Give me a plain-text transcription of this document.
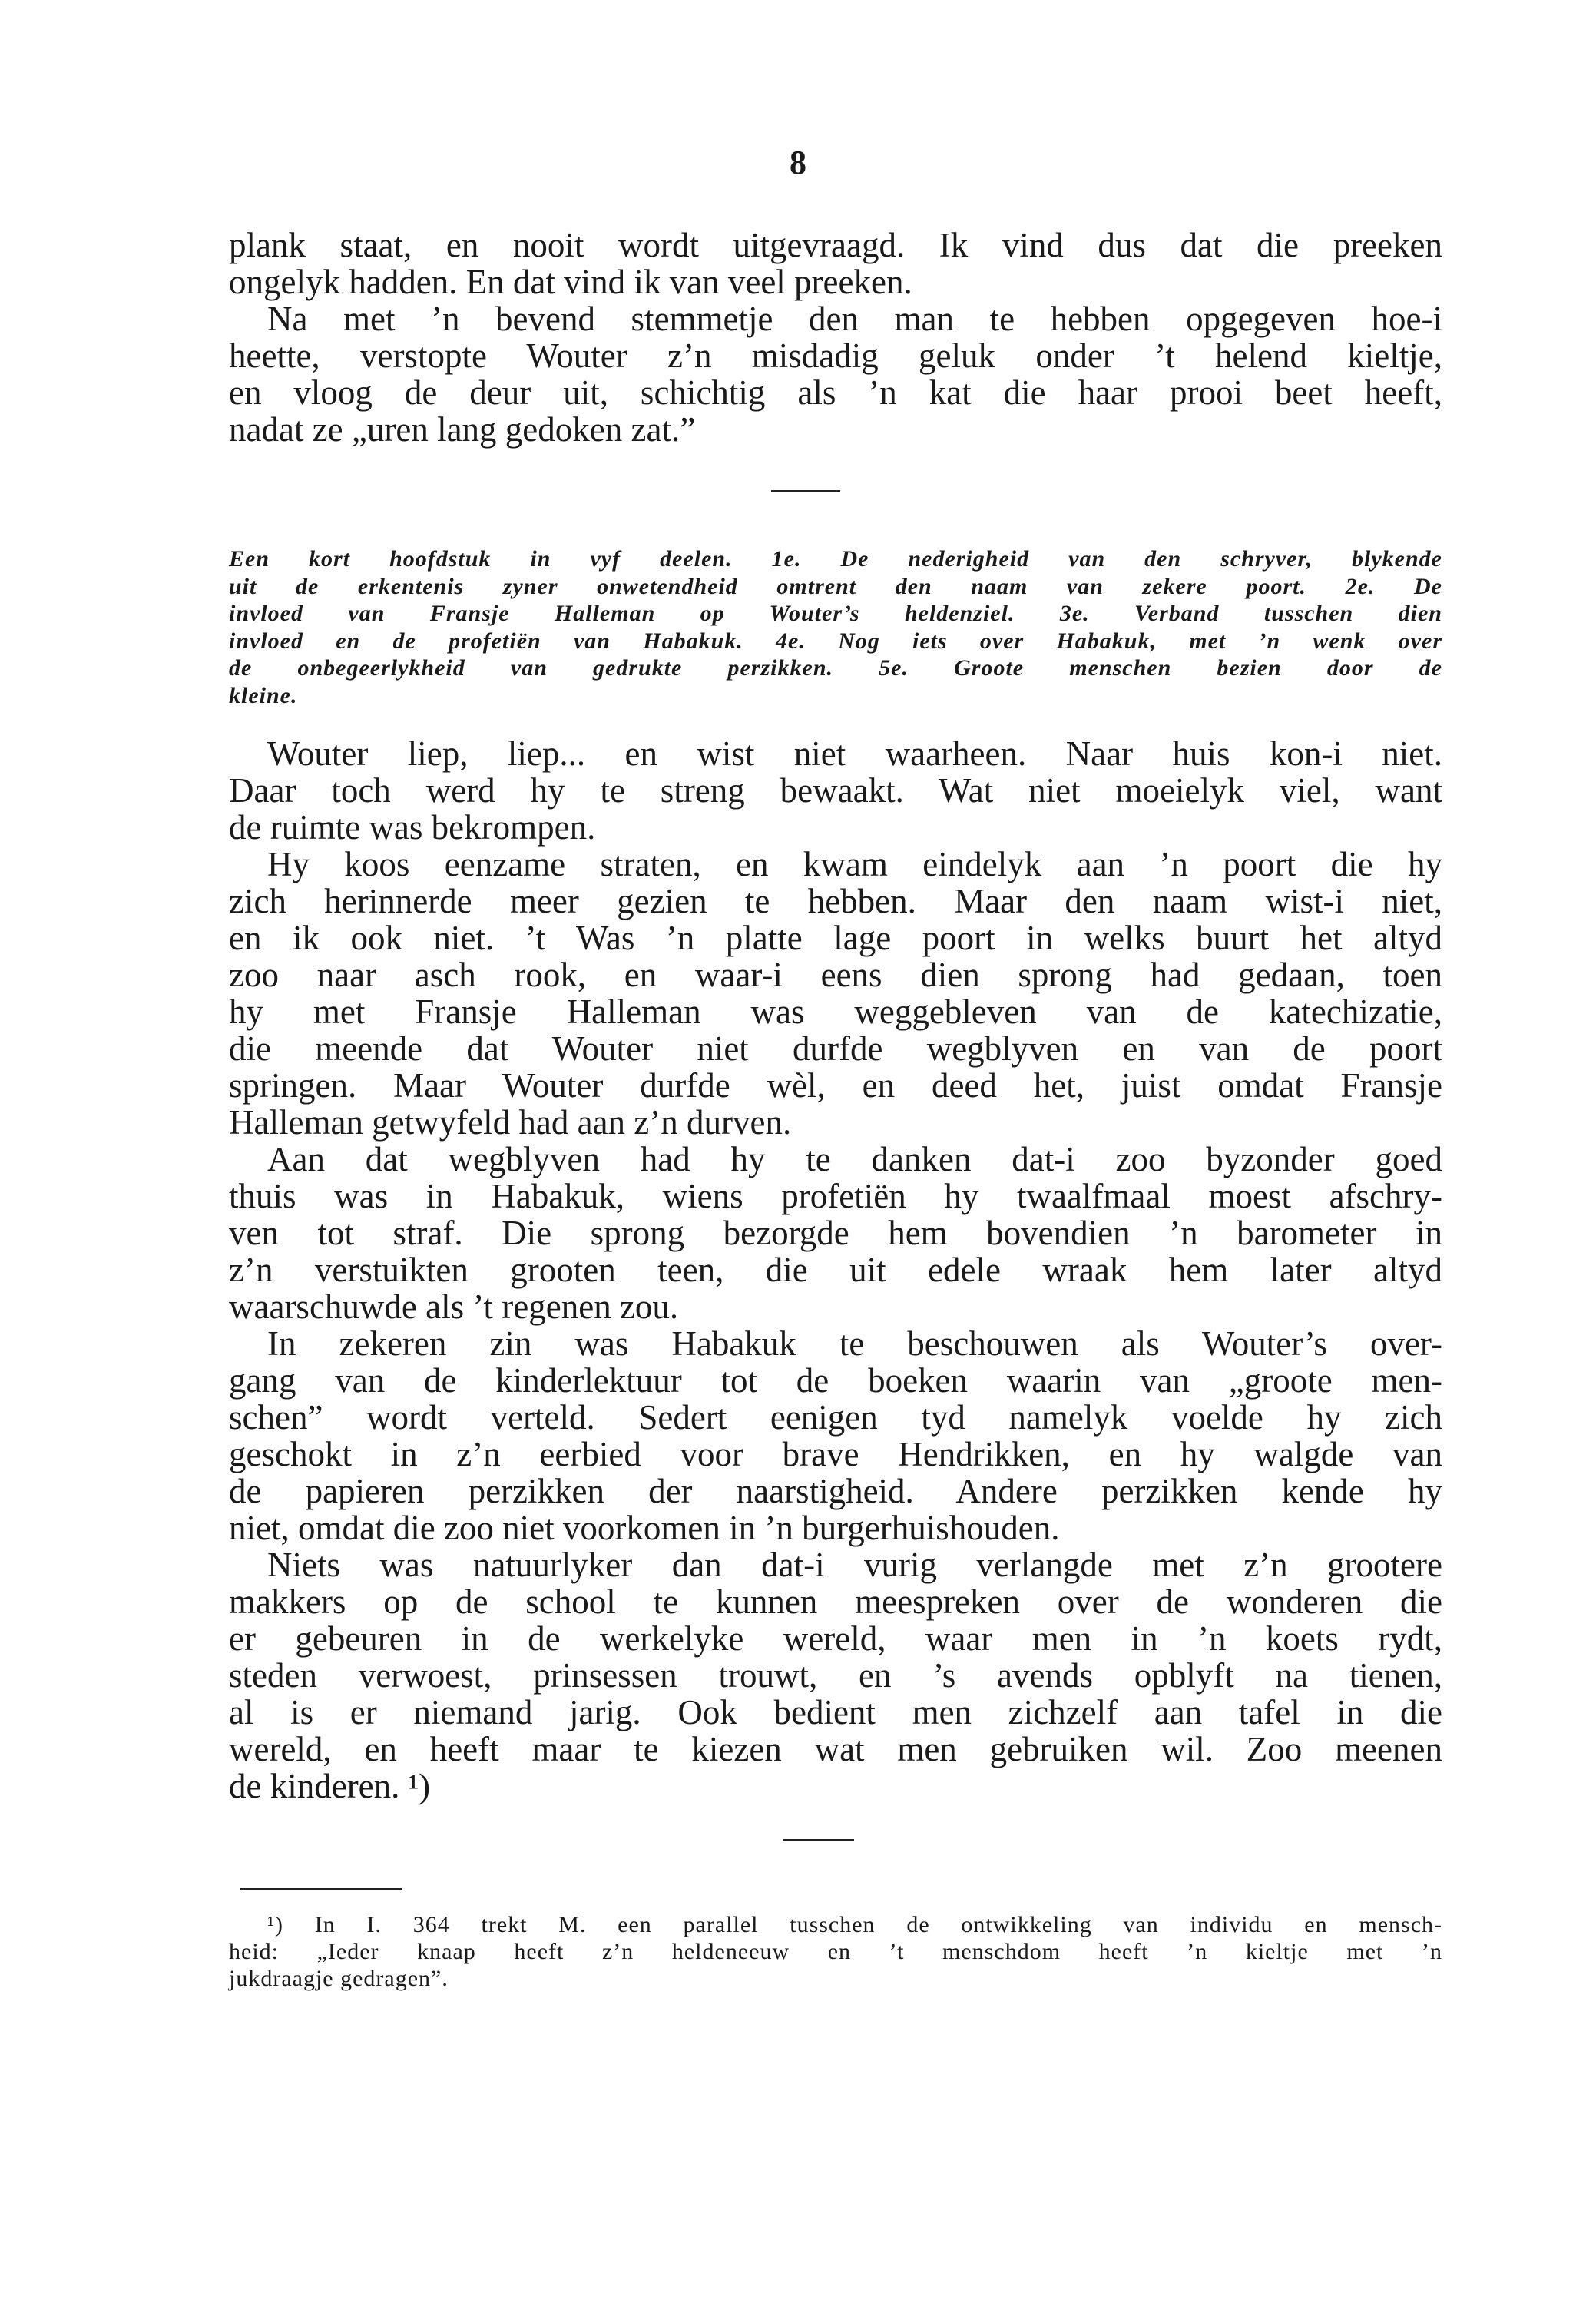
8
plank staat, en nooit wordt uitgevraagd. Ik vind dus dat die preeken
ongelyk hadden. En dat vind ik van veel preeken.
Na met ’n bevend stemmetje den man te hebben opgegeven hoe-i
heette, verstopte Wouter z’n misdadig geluk onder ’t helend kieltje,
en vloog de deur uit, schichtig als ’n kat die haar prooi beet heeft,
nadat ze „uren lang gedoken zat.”
Een kort hoofdstuk in vyf deelen. 1e. De nederigheid van den schryver, blykende
uit de erkentenis zyner onwetendheid omtrent den naam van zekere poort. 2e. De
invloed van Fransje Halleman op Wouter’s heldenziel. 3e. Verband tusschen dien
invloed en de profetiën van Habakuk. 4e. Nog iets over Habakuk, met ’n wenk over
de onbegeerlykheid van gedrukte perzikken. 5e. Groote menschen bezien door de
kleine.
Wouter liep, liep... en wist niet waarheen. Naar huis kon-i niet.
Daar toch werd hy te streng bewaakt. Wat niet moeielyk viel, want
de ruimte was bekrompen.
Hy koos eenzame straten, en kwam eindelyk aan ’n poort die hy
zich herinnerde meer gezien te hebben. Maar den naam wist-i niet,
en ik ook niet. ’t Was ’n platte lage poort in welks buurt het altyd
zoo naar asch rook, en waar-i eens dien sprong had gedaan, toen
hy met Fransje Halleman was weggebleven van de katechizatie,
die meende dat Wouter niet durfde wegblyven en van de poort
springen. Maar Wouter durfde wèl, en deed het, juist omdat Fransje
Halleman getwyfeld had aan z’n durven.
Aan dat wegblyven had hy te danken dat-i zoo byzonder goed
thuis was in Habakuk, wiens profetiën hy twaalfmaal moest afschry-
ven tot straf. Die sprong bezorgde hem bovendien ’n barometer in
z’n verstuikten grooten teen, die uit edele wraak hem later altyd
waarschuwde als ’t regenen zou.
In zekeren zin was Habakuk te beschouwen als Wouter’s over-
gang van de kinderlektuur tot de boeken waarin van „groote men-
schen” wordt verteld. Sedert eenigen tyd namelyk voelde hy zich
geschokt in z’n eerbied voor brave Hendrikken, en hy walgde van
de papieren perzikken der naarstigheid. Andere perzikken kende hy
niet, omdat die zoo niet voorkomen in ’n burgerhuishouden.
Niets was natuurlyker dan dat-i vurig verlangde met z’n grootere
makkers op de school te kunnen meespreken over de wonderen die
er gebeuren in de werkelyke wereld, waar men in ’n koets rydt,
steden verwoest, prinsessen trouwt, en ’s avends opblyft na tienen,
al is er niemand jarig. Ook bedient men zichzelf aan tafel in die
wereld, en heeft maar te kiezen wat men gebruiken wil. Zoo meenen
de kinderen. ¹)
¹) In I. 364 trekt M. een parallel tusschen de ontwikkeling van individu en mensch-
heid: „Ieder knaap heeft z’n heldeneeuw en ’t menschdom heeft ’n kieltje met ’n
jukdraagje gedragen”.
